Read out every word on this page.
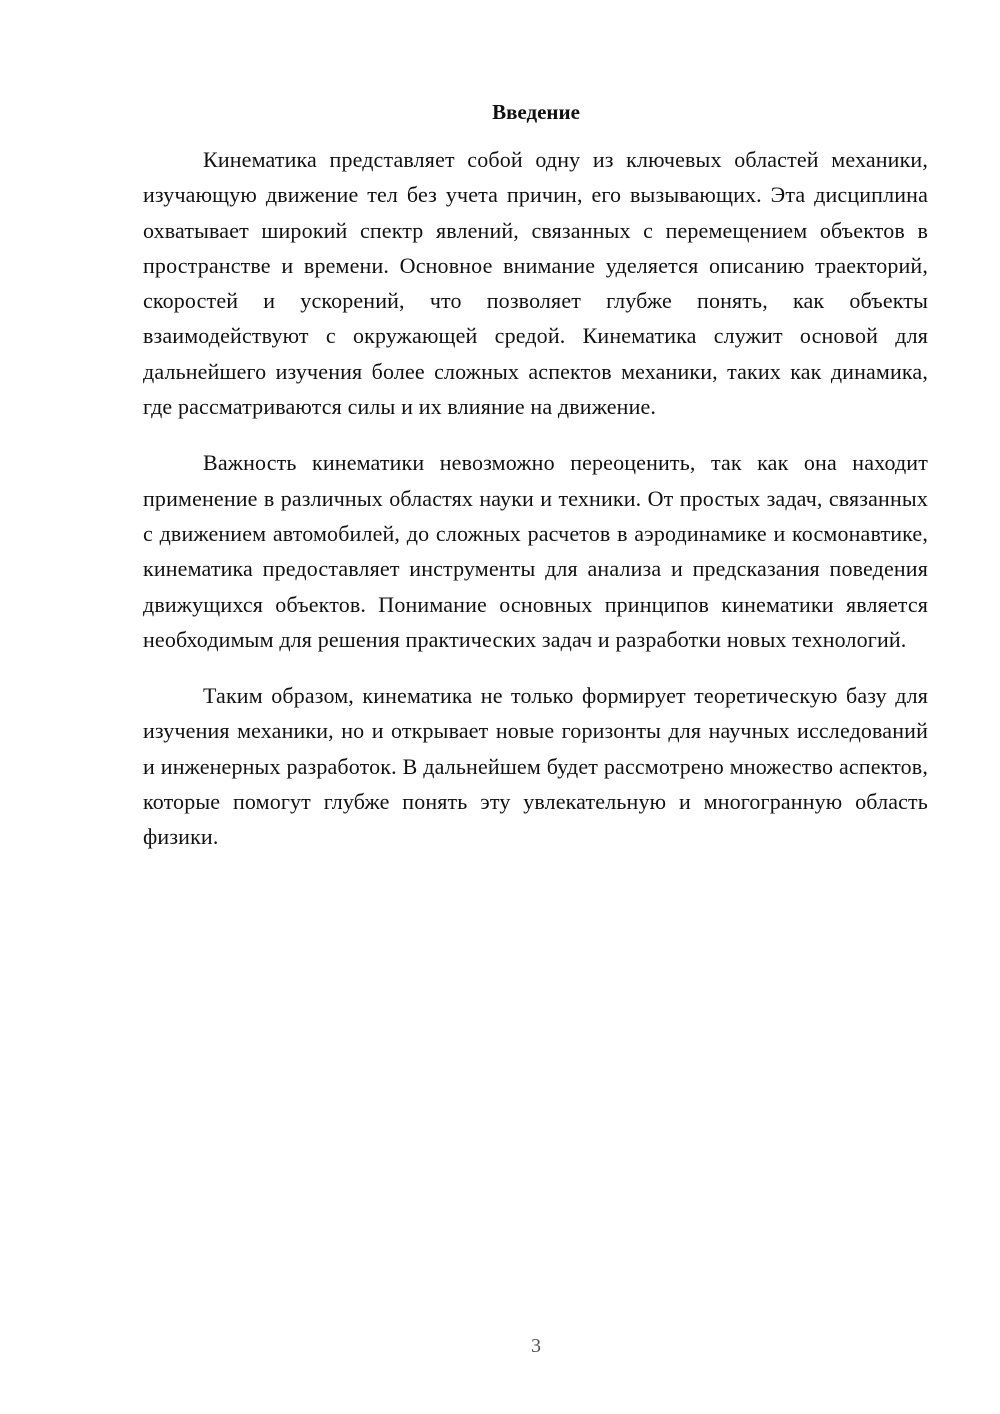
Введение

Кинематика представляет собой одну из ключевых областей механики, изучающую движение тел без учета причин, его вызывающих. Эта дисциплина охватывает широкий спектр явлений, связанных с перемещением объектов в пространстве и времени. Основное внимание уделяется описанию траекторий, скоростей и ускорений, что позволяет глубже понять, как объекты взаимодействуют с окружающей средой. Кинематика служит основой для дальнейшего изучения более сложных аспектов механики, таких как динамика, где рассматриваются силы и их влияние на движение.

Важность кинематики невозможно переоценить, так как она находит применение в различных областях науки и техники. От простых задач, связанных с движением автомобилей, до сложных расчетов в аэродинамике и космонавтике, кинематика предоставляет инструменты для анализа и предсказания поведения движущихся объектов. Понимание основных принципов кинематики является необходимым для решения практических задач и разработки новых технологий.

Таким образом, кинематика не только формирует теоретическую базу для изучения механики, но и открывает новые горизонты для научных исследований и инженерных разработок. В дальнейшем будет рассмотрено множество аспектов, которые помогут глубже понять эту увлекательную и многогранную область физики.

3
